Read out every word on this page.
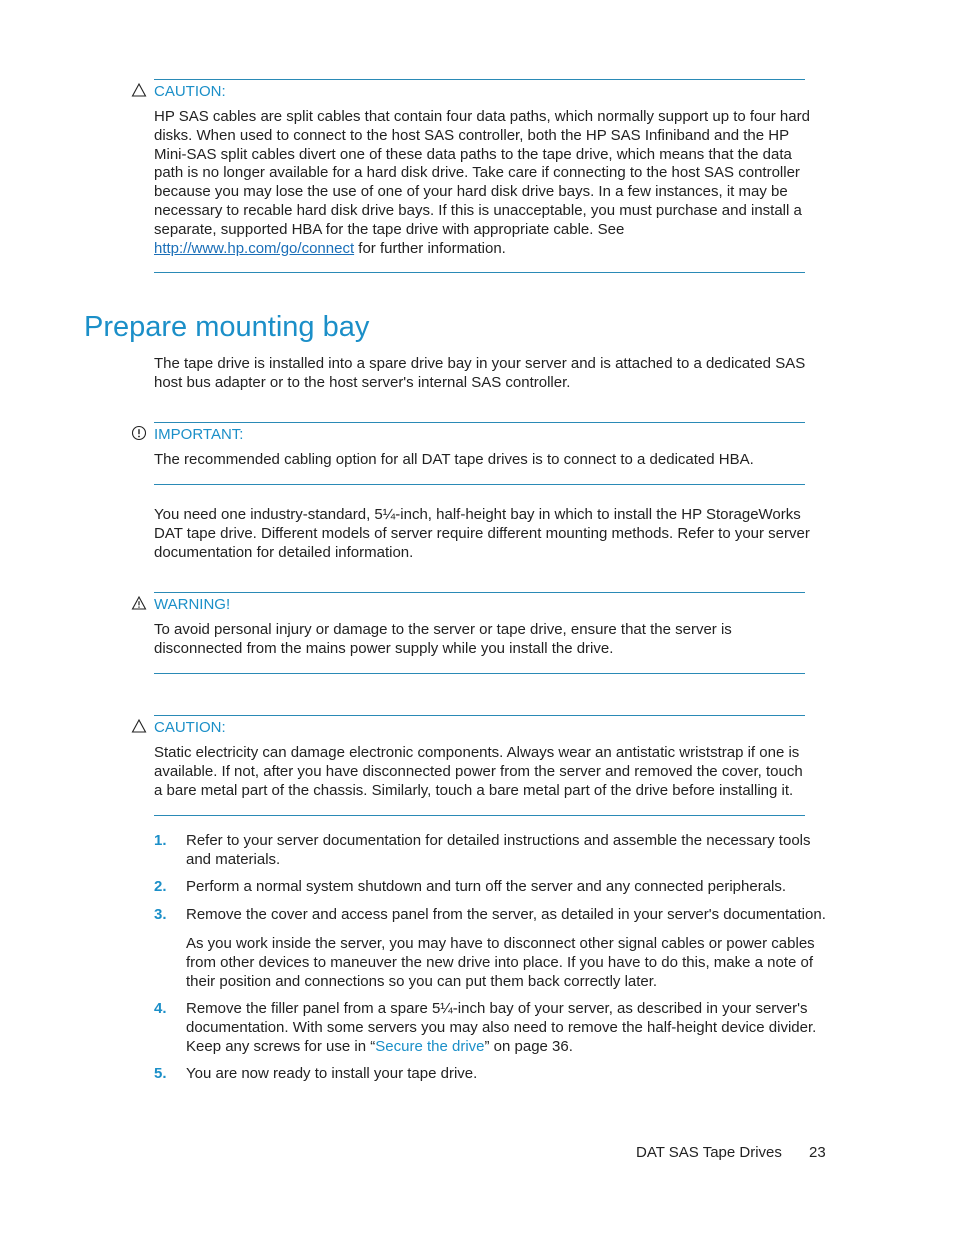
CAUTION:
HP SAS cables are split cables that contain four data paths, which normally support up to four hard disks. When used to connect to the host SAS controller, both the HP SAS Infiniband and the HP Mini-SAS split cables divert one of these data paths to the tape drive, which means that the data path is no longer available for a hard disk drive. Take care if connecting to the host SAS controller because you may lose the use of one of your hard disk drive bays. In a few instances, it may be necessary to recable hard disk drive bays. If this is unacceptable, you must purchase and install a separate, supported HBA for the tape drive with appropriate cable. See http://www.hp.com/go/connect for further information.
Prepare mounting bay
The tape drive is installed into a spare drive bay in your server and is attached to a dedicated SAS host bus adapter or to the host server's internal SAS controller.
IMPORTANT:
The recommended cabling option for all DAT tape drives is to connect to a dedicated HBA.
You need one industry-standard, 5¼-inch, half-height bay in which to install the HP StorageWorks DAT tape drive. Different models of server require different mounting methods. Refer to your server documentation for detailed information.
WARNING!
To avoid personal injury or damage to the server or tape drive, ensure that the server is disconnected from the mains power supply while you install the drive.
CAUTION:
Static electricity can damage electronic components. Always wear an antistatic wriststrap if one is available. If not, after you have disconnected power from the server and removed the cover, touch a bare metal part of the chassis. Similarly, touch a bare metal part of the drive before installing it.
1. Refer to your server documentation for detailed instructions and assemble the necessary tools and materials.
2. Perform a normal system shutdown and turn off the server and any connected peripherals.
3. Remove the cover and access panel from the server, as detailed in your server's documentation.
As you work inside the server, you may have to disconnect other signal cables or power cables from other devices to maneuver the new drive into place. If you have to do this, make a note of their position and connections so you can put them back correctly later.
4. Remove the filler panel from a spare 5¼-inch bay of your server, as described in your server's documentation. With some servers you may also need to remove the half-height device divider. Keep any screws for use in “Secure the drive” on page 36.
5. You are now ready to install your tape drive.
DAT SAS Tape Drives 23
